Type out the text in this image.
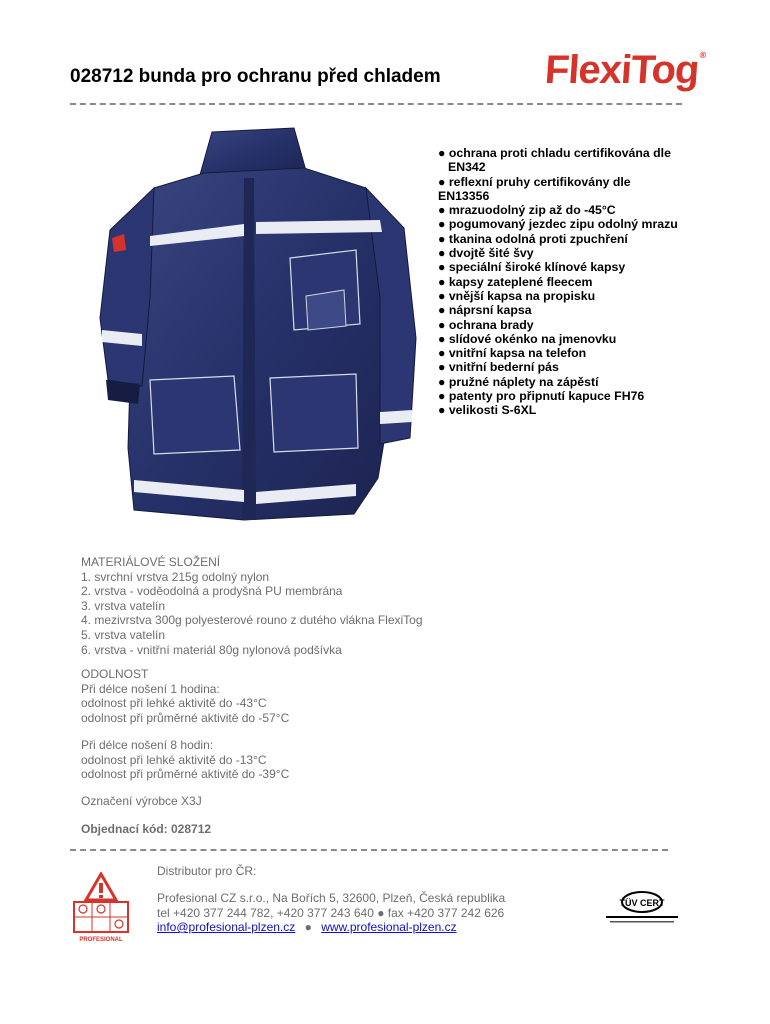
028712 bunda pro ochranu před chladem	FlexiTog®
● ochrana proti chladu certifikována dle
EN342
● reflexní pruhy certifikovány dle
EN13356
● mrazuodolný zip až do -45°C
● pogumovaný jezdec zipu odolný mrazu
● tkanina odolná proti zpuchření
● dvojtě šité švy
● speciální široké klínové kapsy
● kapsy zateplené fleecem
● vnější kapsa na propisku
● náprsní kapsa
● ochrana brady
● slídové okénko na jmenovku
● vnitřní kapsa na telefon
● vnitřní bederní pás
● pružné náplety na zápěstí
● patenty pro připnutí kapuce FH76
● velikosti S-6XL
MATERIÁLOVÉ SLOŽENÍ
1. svrchní vrstva 215g odolný nylon
2. vrstva - voděodolná a prodyšná PU membrána
3. vrstva vatelín
4. mezivrstva 300g polyesterové rouno z dutého vlákna FlexiTog
5. vrstva vatelín
6. vrstva - vnitřní materiál 80g nylonová podšívka
ODOLNOST
Při délce nošení 1 hodina:
odolnost při lehké aktivitě do -43°C
odolnost při průměrné aktivitě do -57°C
Při délce nošení 8 hodin:
odolnost při lehké aktivitě do -13°C
odolnost při průměrné aktivitě do -39°C
Označení výrobce X3J
Objednací kód: 028712
PROFESIONAL
Distributor pro ČR:
Profesional CZ s.r.o., Na Bořích 5, 32600, Plzeň, Česká republika
tel +420 377 244 782, +420 377 243 640 ● fax +420 377 242 626
info@profesional-plzen.cz ● www.profesional-plzen.cz
TÜV CERT
